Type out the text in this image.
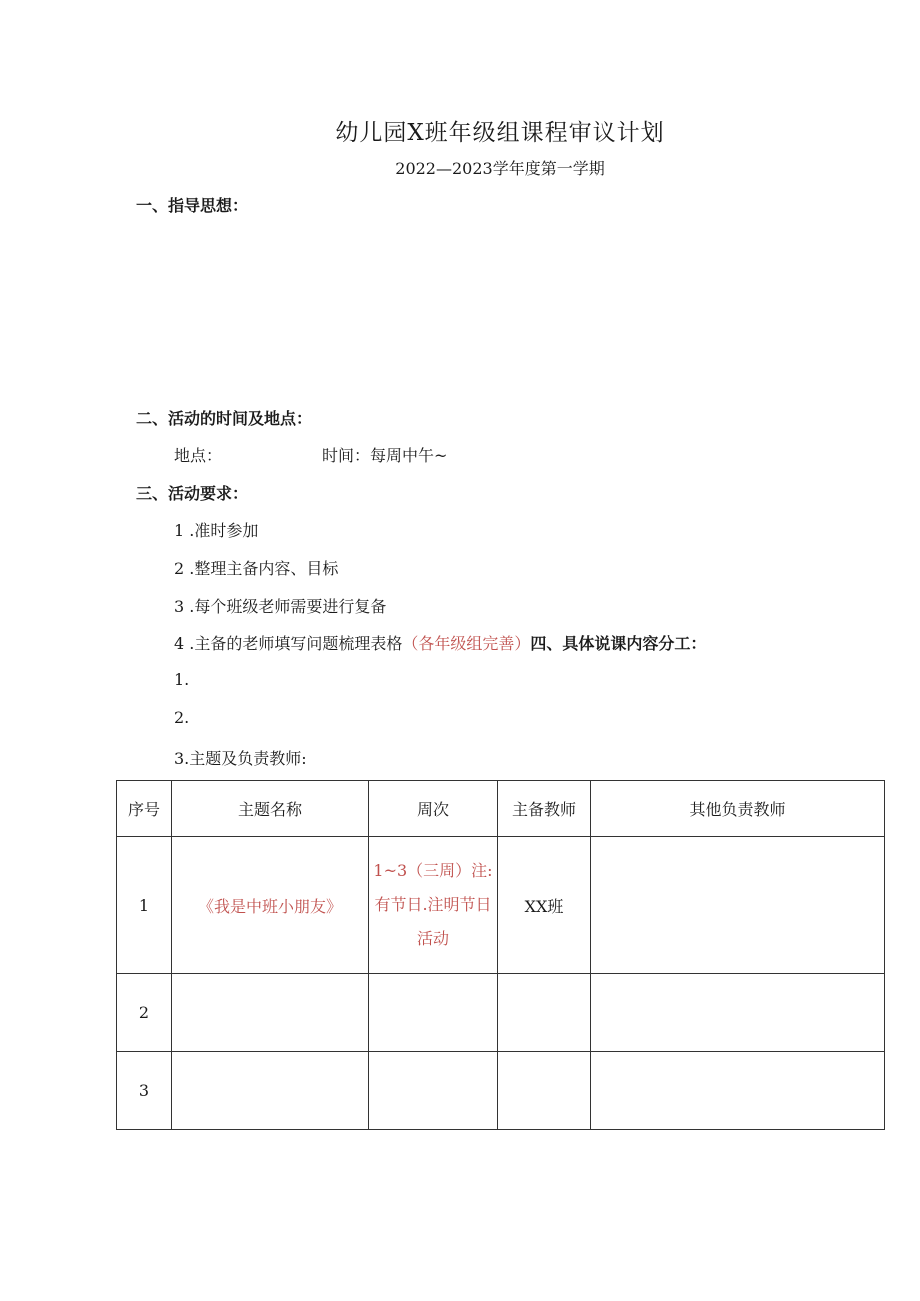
幼儿园X班年级组课程审议计划
2022—2023学年度第一学期
一、指导思想：
二、活动的时间及地点：
地点：	时间：每周中午~
三、活动要求：
1 .准时参加
2 .整理主备内容、目标
3 .每个班级老师需要进行复备
4 .主备的老师填写问题梳理表格（各年级组完善）四、具体说课内容分工：
1.
2.
3.主题及负责教师:
序号	主题名称	周次	主备教师	其他负责教师
1	《我是中班小朋友》	1~3（三周）注:有节日.注明节日活动	XX班	
2				
3				
